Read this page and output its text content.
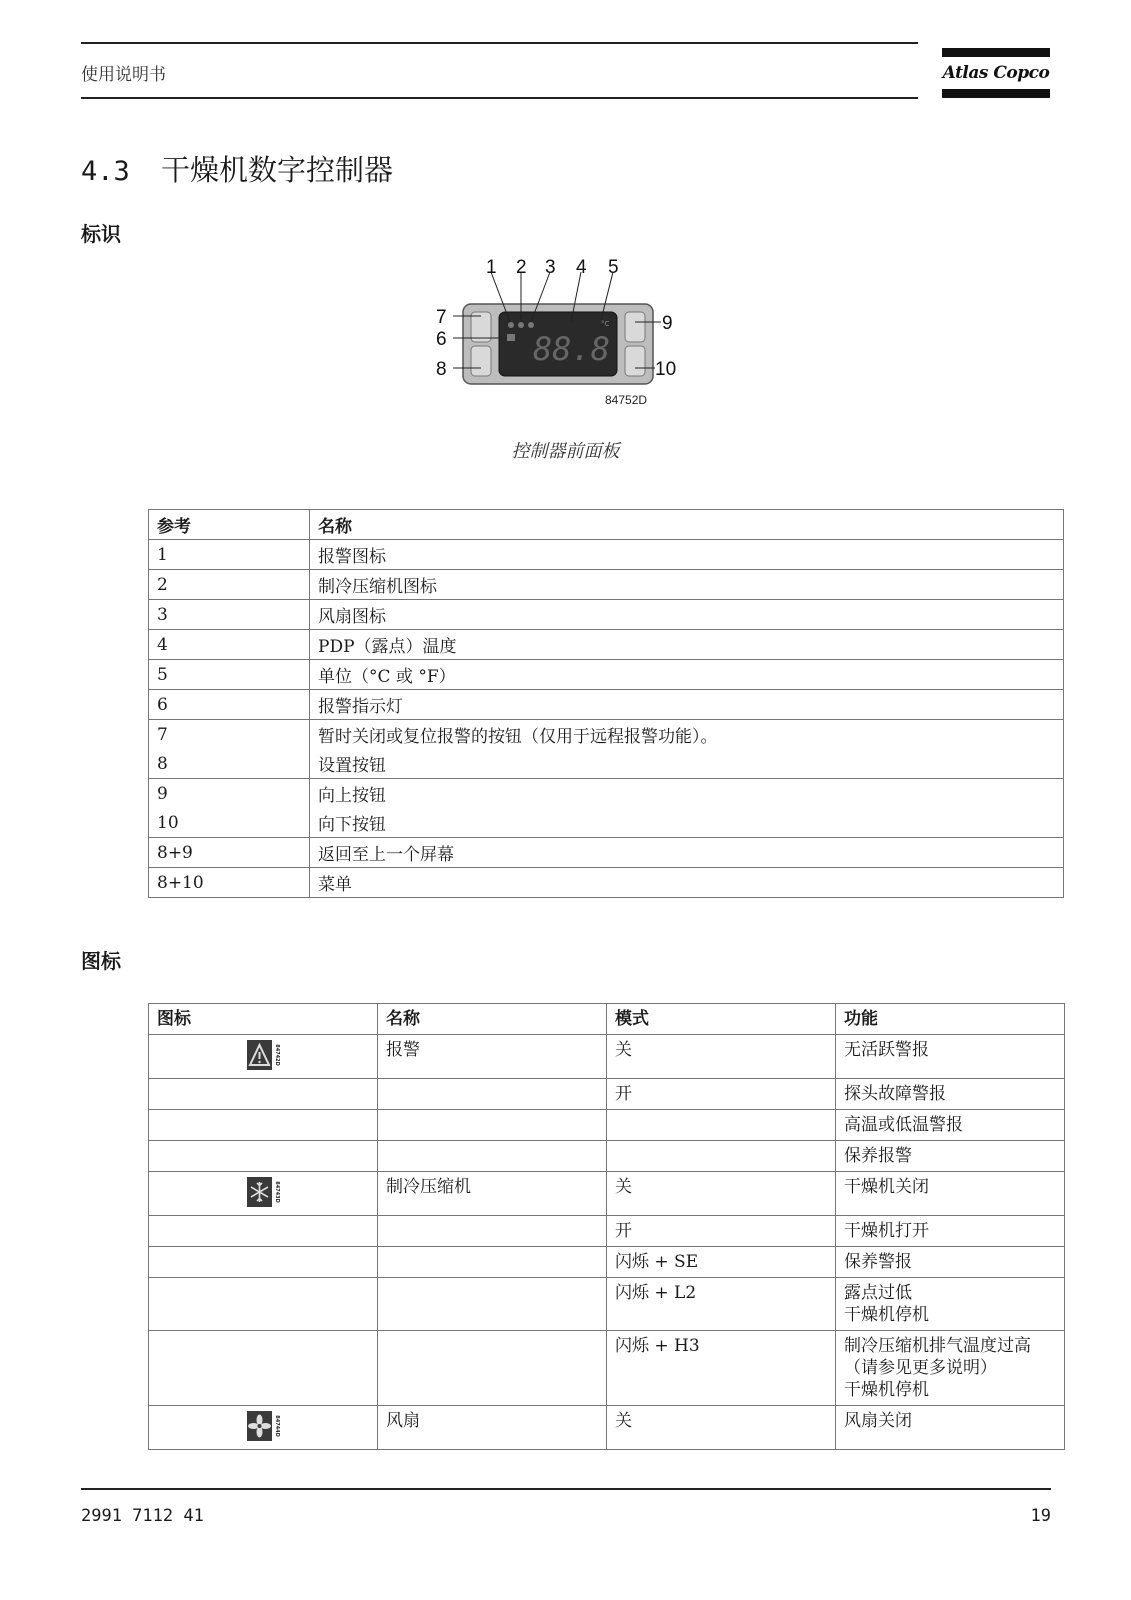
使用说明书	Atlas Copco
4.3 干燥机数字控制器
标识
°C
88.8
1 2 3 4 5
6
7
8
9
10
84752D
控制器前面板
参考	名称
1	报警图标
2	制冷压缩机图标
3	风扇图标
4	PDP（露点）温度
5	单位（°C 或 °F）
6	报警指示灯
7	暂时关闭或复位报警的按钮（仅用于远程报警功能）。
8	设置按钮
9	向上按钮
10	向下按钮
8+9	返回至上一个屏幕
8+10	菜单
图标
图标	名称	模式	功能

84742D	报警	关	无活跃警报

		开	探头故障警报

			高温或低温警报

			保养报警

84743D	制冷压缩机	关	干燥机关闭

		开	干燥机打开

		闪烁 + SE	保养警报

		闪烁 + L2	露点过低
干燥机停机

		闪烁 + H3	制冷压缩机排气温度过高
（请参见更多说明）
干燥机停机

84744D	风扇	关	风扇关闭
2991 7112 41	19
